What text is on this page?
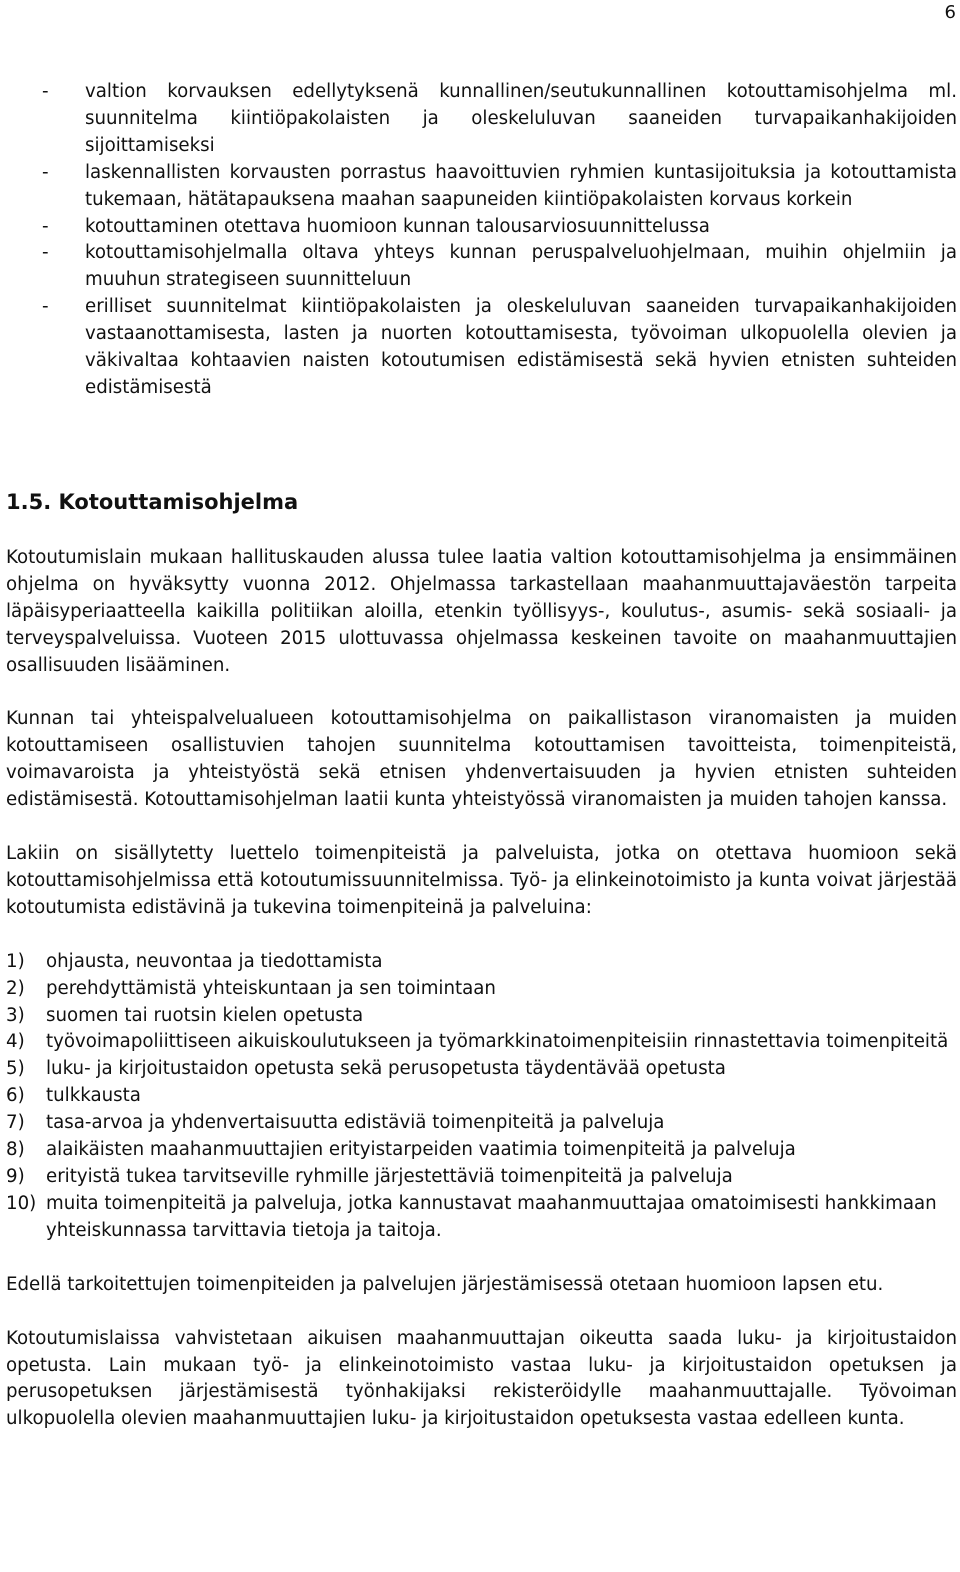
6
- valtion korvauksen edellytyksenä kunnallinen/seutukunnallinen kotouttamisohjelma ml. suunnitelma kiintiöpakolaisten ja oleskeluluvan saaneiden turvapaikanhakijoiden sijoittamiseksi
- laskennallisten korvausten porrastus haavoittuvien ryhmien kuntasijoituksia ja kotouttamista tukemaan, hätätapauksena maahan saapuneiden kiintiöpakolaisten korvaus korkein
- kotouttaminen otettava huomioon kunnan talousarviosuunnittelussa
- kotouttamisohjelmalla oltava yhteys kunnan peruspalveluohjelmaan, muihin ohjelmiin ja muuhun strategiseen suunnitteluun
- erilliset suunnitelmat kiintiöpakolaisten ja oleskeluluvan saaneiden turvapaikanhakijoiden vastaanottamisesta, lasten ja nuorten kotouttamisesta, työvoiman ulkopuolella olevien ja väkivaltaa kohtaavien naisten kotoutumisen edistämisestä sekä hyvien etnisten suhteiden edistämisestä
1.5. Kotouttamisohjelma

Kotoutumislain mukaan hallituskauden alussa tulee laatia valtion kotouttamisohjelma ja ensimmäinen ohjelma on hyväksytty vuonna 2012. Ohjelmassa tarkastellaan maahanmuuttajaväestön tarpeita läpäisyperiaatteella kaikilla politiikan aloilla, etenkin työllisyys-, koulutus-, asumis- sekä sosiaali- ja terveyspalveluissa. Vuoteen 2015 ulottuvassa ohjelmassa keskeinen tavoite on maahanmuuttajien osallisuuden lisääminen.

Kunnan tai yhteispalvelualueen kotouttamisohjelma on paikallistason viranomaisten ja muiden kotouttamiseen osallistuvien tahojen suunnitelma kotouttamisen tavoitteista, toimenpiteistä, voimavaroista ja yhteistyöstä sekä etnisen yhdenvertaisuuden ja hyvien etnisten suhteiden edistämisestä. Kotouttamisohjelman laatii kunta yhteistyössä viranomaisten ja muiden tahojen kanssa.

Lakiin on sisällytetty luettelo toimenpiteistä ja palveluista, jotka on otettava huomioon sekä kotouttamisohjelmissa että kotoutumissuunnitelmissa. Työ- ja elinkeinotoimisto ja kunta voivat järjestää kotoutumista edistävinä ja tukevina toimenpiteinä ja palveluina:

1) ohjausta, neuvontaa ja tiedottamista
2) perehdyttämistä yhteiskuntaan ja sen toimintaan
3) suomen tai ruotsin kielen opetusta
4) työvoimapoliittiseen aikuiskoulutukseen ja työmarkkinatoimenpiteisiin rinnastettavia toimenpiteitä
5) luku- ja kirjoitustaidon opetusta sekä perusopetusta täydentävää opetusta
6) tulkkausta
7) tasa-arvoa ja yhdenvertaisuutta edistäviä toimenpiteitä ja palveluja
8) alaikäisten maahanmuuttajien erityistarpeiden vaatimia toimenpiteitä ja palveluja
9) erityistä tukea tarvitseville ryhmille järjestettäviä toimenpiteitä ja palveluja
10) muita toimenpiteitä ja palveluja, jotka kannustavat maahanmuuttajaa omatoimisesti hankkimaan yhteiskunnassa tarvittavia tietoja ja taitoja.

Edellä tarkoitettujen toimenpiteiden ja palvelujen järjestämisessä otetaan huomioon lapsen etu.

Kotoutumislaissa vahvistetaan aikuisen maahanmuuttajan oikeutta saada luku- ja kirjoitustaidon opetusta. Lain mukaan työ- ja elinkeinotoimisto vastaa luku- ja kirjoitustaidon opetuksen ja perusopetuksen järjestämisestä työnhakijaksi rekisteröidylle maahanmuuttajalle. Työvoiman ulkopuolella olevien maahanmuuttajien luku- ja kirjoitustaidon opetuksesta vastaa edelleen kunta.
